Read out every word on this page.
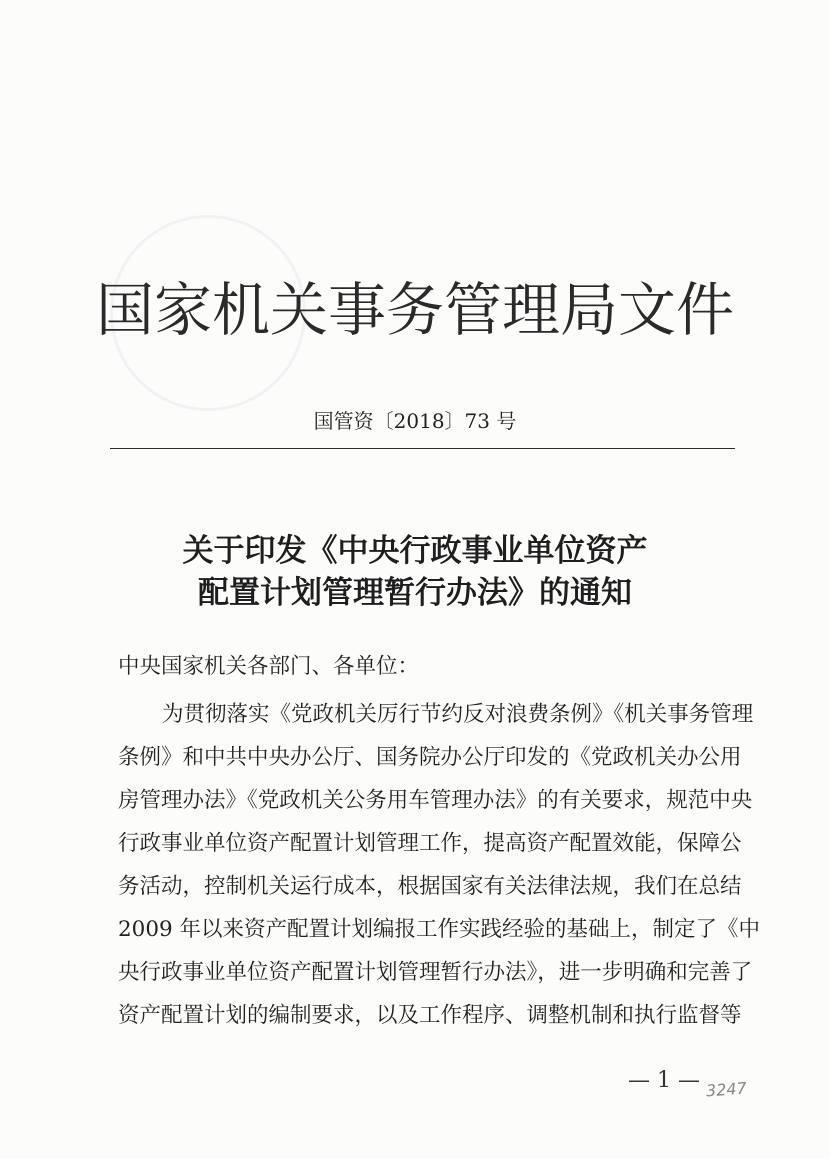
国家机关事务管理局文件
国管资〔2018〕73 号
关于印发《中央行政事业单位资产
配置计划管理暂行办法》的通知
中央国家机关各部门、各单位：
为贯彻落实《党政机关厉行节约反对浪费条例》《机关事务管理
条例》和中共中央办公厅、国务院办公厅印发的《党政机关办公用
房管理办法》《党政机关公务用车管理办法》的有关要求，规范中央
行政事业单位资产配置计划管理工作，提高资产配置效能，保障公
务活动，控制机关运行成本，根据国家有关法律法规，我们在总结
2009 年以来资产配置计划编报工作实践经验的基础上，制定了《中
央行政事业单位资产配置计划管理暂行办法》，进一步明确和完善了
资产配置计划的编制要求，以及工作程序、调整机制和执行监督等
— 1 — 3247
